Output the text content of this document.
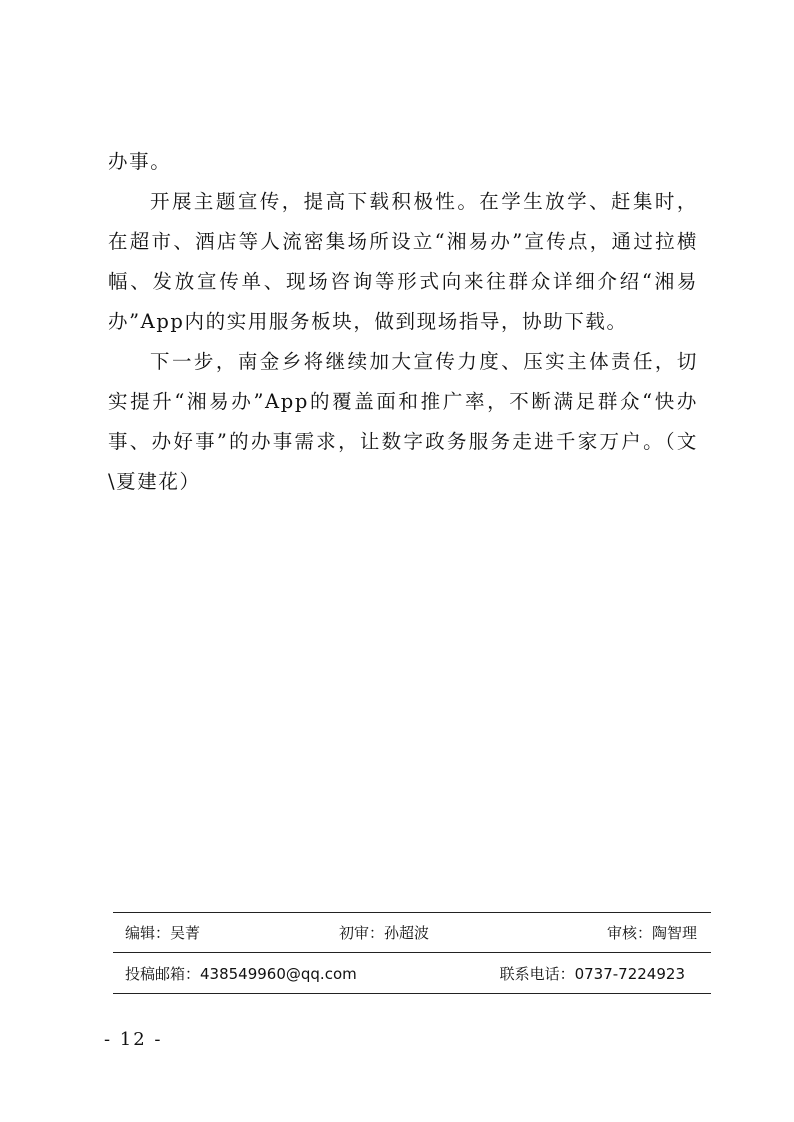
办事。

开展主题宣传，提高下载积极性。在学生放学、赶集时，在超市、酒店等人流密集场所设立“湘易办”宣传点，通过拉横幅、发放宣传单、现场咨询等形式向来往群众详细介绍“湘易办”App内的实用服务板块，做到现场指导，协助下载。

下一步，南金乡将继续加大宣传力度、压实主体责任，切实提升“湘易办”App的覆盖面和推广率，不断满足群众“快办事、办好事”的办事需求，让数字政务服务走进千家万户。（文\夏建花）

编辑：吴菁	初审：孙超波	审核：陶智理
投稿邮箱：438549960@qq.com	联系电话：0737-7224923
- 12 -
